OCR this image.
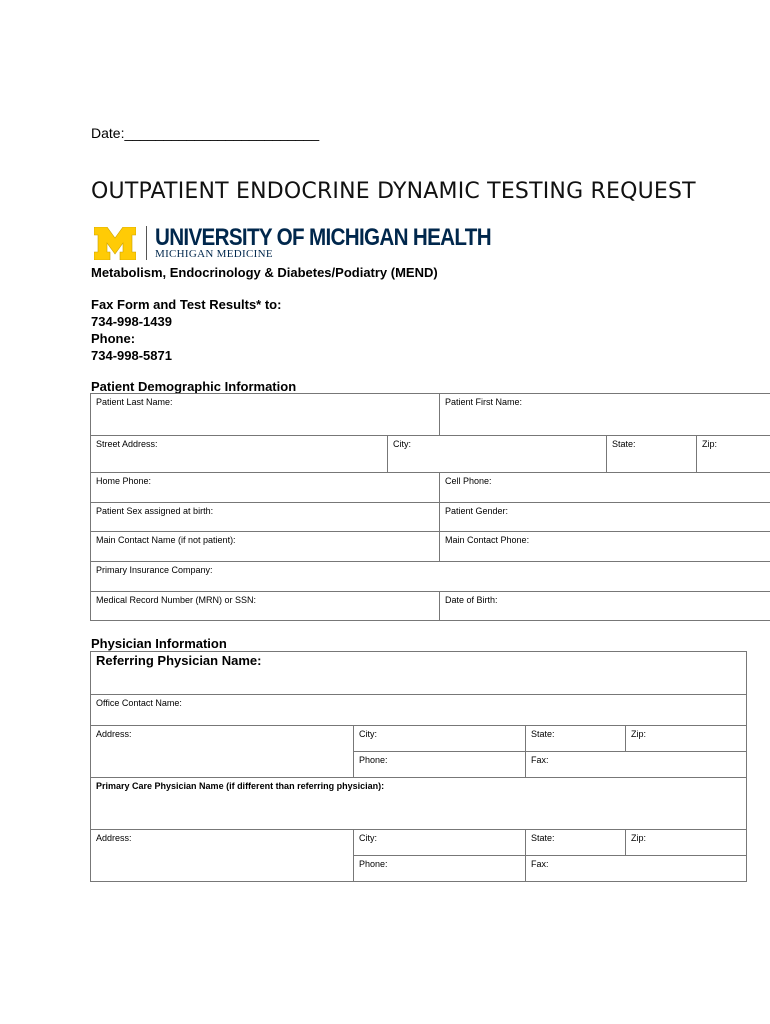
Date:_________________________
OUTPATIENT ENDOCRINE DYNAMIC TESTING REQUEST
UNIVERSITY OF MICHIGAN HEALTH
MICHIGAN MEDICINE
Metabolism, Endocrinology & Diabetes/Podiatry (MEND)
Fax Form and Test Results* to:
734-998-1439
Phone:
734-998-5871
Patient Demographic Information
Patient Last Name:		Patient First Name:		
Street Address:	City:		State:	Zip:
Home Phone:		Cell Phone:		
Patient Sex assigned at birth:		Patient Gender:		
Main Contact Name (if not patient):		Main Contact Phone:		
Primary Insurance Company:				
Medical Record Number (MRN) or SSN:		Date of Birth:		
Physician Information
Referring Physician Name:			
Office Contact Name:			
Address:	City:	State:	Zip:
	Phone:	Fax:	
Primary Care Physician Name (if different than referring physician):			
Address:	City:	State:	Zip:
	Phone:	Fax:	
